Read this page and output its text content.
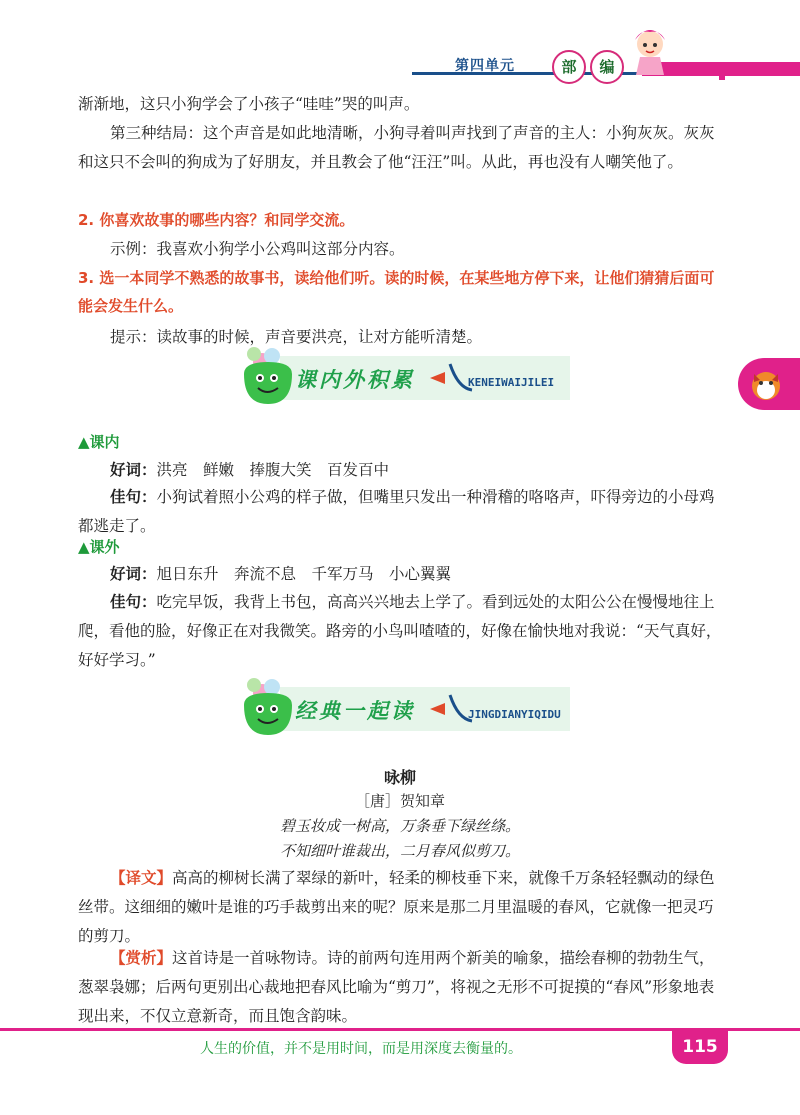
第四单元	部	编
渐渐地，这只小狗学会了小孩子“哇哇”哭的叫声。
第三种结局：这个声音是如此地清晰，小狗寻着叫声找到了声音的主人：小狗灰灰。灰灰和这只不会叫的狗成为了好朋友，并且教会了他“汪汪”叫。从此，再也没有人嘲笑他了。
2. 你喜欢故事的哪些内容？和同学交流。
示例：我喜欢小狗学小公鸡叫这部分内容。
3. 选一本同学不熟悉的故事书，读给他们听。读的时候，在某些地方停下来，让他们猜猜后面可能会发生什么。
提示：读故事的时候，声音要洪亮，让对方能听清楚。
课内外积累	KENEIWAIJILEI
▲课内
好词：洪亮　鲜嫩　捧腹大笑　百发百中
佳句：小狗试着照小公鸡的样子做，但嘴里只发出一种滑稽的咯咯声，吓得旁边的小母鸡都逃走了。
▲课外
好词：旭日东升　奔流不息　千军万马　小心翼翼
佳句：吃完早饭，我背上书包，高高兴兴地去上学了。看到远处的太阳公公在慢慢地往上爬，看他的脸，好像正在对我微笑。路旁的小鸟叫喳喳的，好像在愉快地对我说：“天气真好，好好学习。”
经典一起读	JINGDIANYIQIDU
咏柳
［唐］贺知章
碧玉妆成一树高，万条垂下绿丝绦。
不知细叶谁裁出，二月春风似剪刀。
【译文】高高的柳树长满了翠绿的新叶，轻柔的柳枝垂下来，就像千万条轻轻飘动的绿色丝带。这细细的嫩叶是谁的巧手裁剪出来的呢？原来是那二月里温暖的春风，它就像一把灵巧的剪刀。
【赏析】这首诗是一首咏物诗。诗的前两句连用两个新美的喻象，描绘春柳的勃勃生气，葱翠袅娜；后两句更别出心裁地把春风比喻为“剪刀”，将视之无形不可捉摸的“春风”形象地表现出来，不仅立意新奇，而且饱含韵味。
人生的价值，并不是用时间，而是用深度去衡量的。	115
